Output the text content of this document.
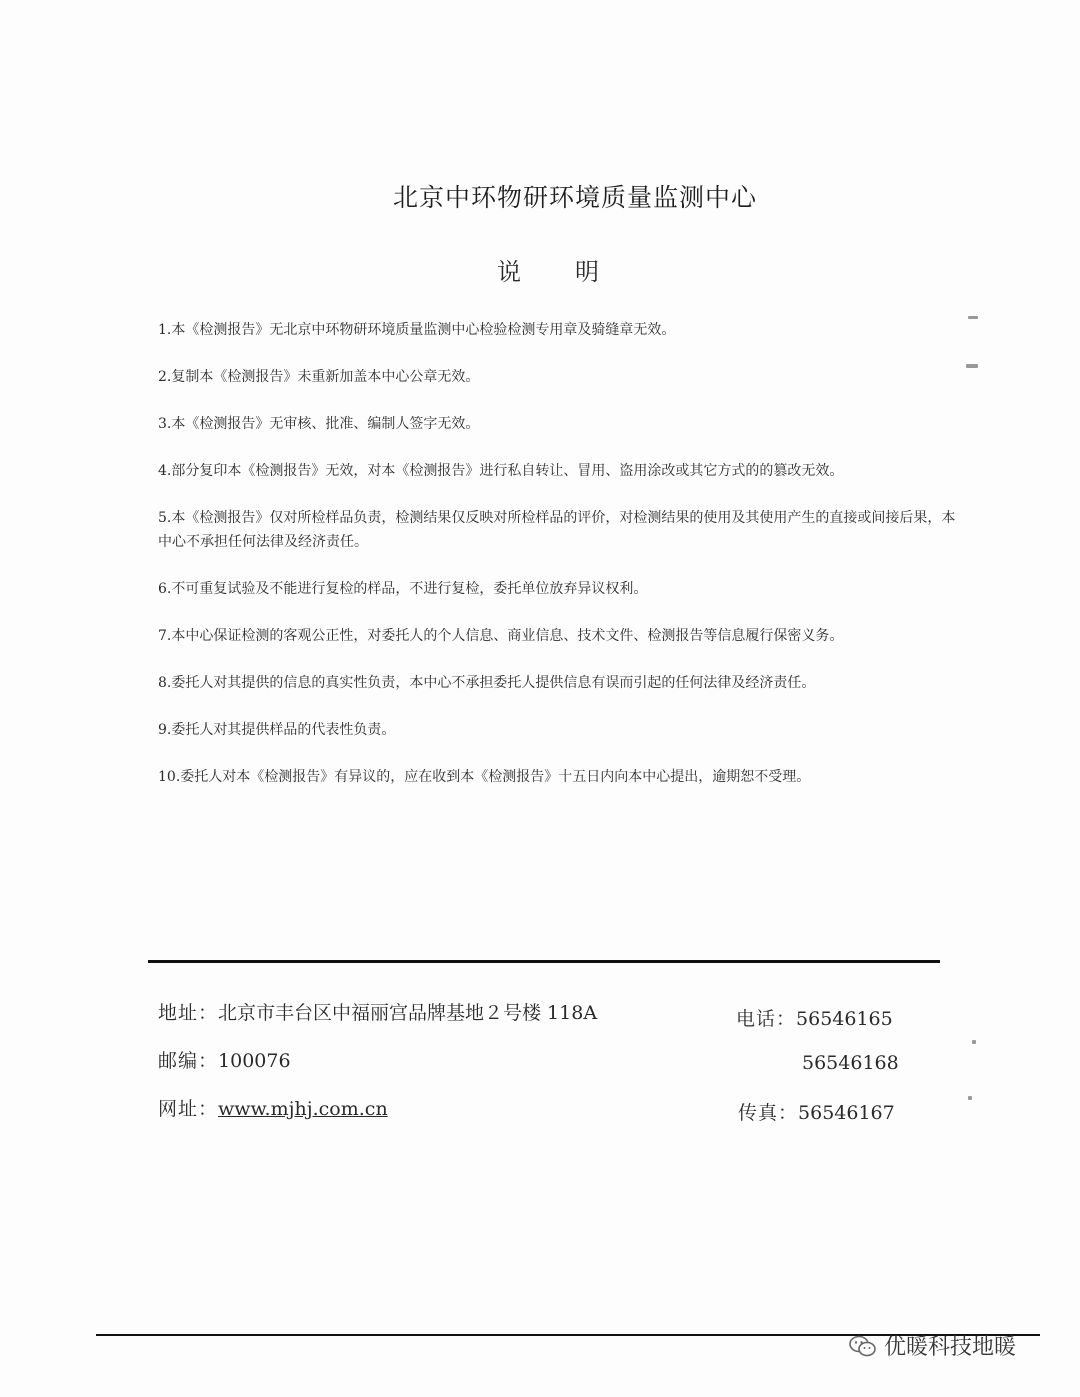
北京中环物研环境质量监测中心
说明
1.本《检测报告》无北京中环物研环境质量监测中心检验检测专用章及骑缝章无效。
2.复制本《检测报告》未重新加盖本中心公章无效。
3.本《检测报告》无审核、批准、编制人签字无效。
4.部分复印本《检测报告》无效，对本《检测报告》进行私自转让、冒用、盗用涂改或其它方式的的篡改无效。
5.本《检测报告》仅对所检样品负责，检测结果仅反映对所检样品的评价，对检测结果的使用及其使用产生的直接或间接后果，本中心不承担任何法律及经济责任。
6.不可重复试验及不能进行复检的样品，不进行复检，委托单位放弃异议权利。
7.本中心保证检测的客观公正性，对委托人的个人信息、商业信息、技术文件、检测报告等信息履行保密义务。
8.委托人对其提供的信息的真实性负责，本中心不承担委托人提供信息有误而引起的任何法律及经济责任。
9.委托人对其提供样品的代表性负责。
10.委托人对本《检测报告》有异议的，应在收到本《检测报告》十五日内向本中心提出，逾期恕不受理。
地址：北京市丰台区中福丽宫品牌基地２号楼 118A	电话：56546165
邮编：100076	56546168
网址：www.mjhj.com.cn	传真：56546167
优暖科技地暖
